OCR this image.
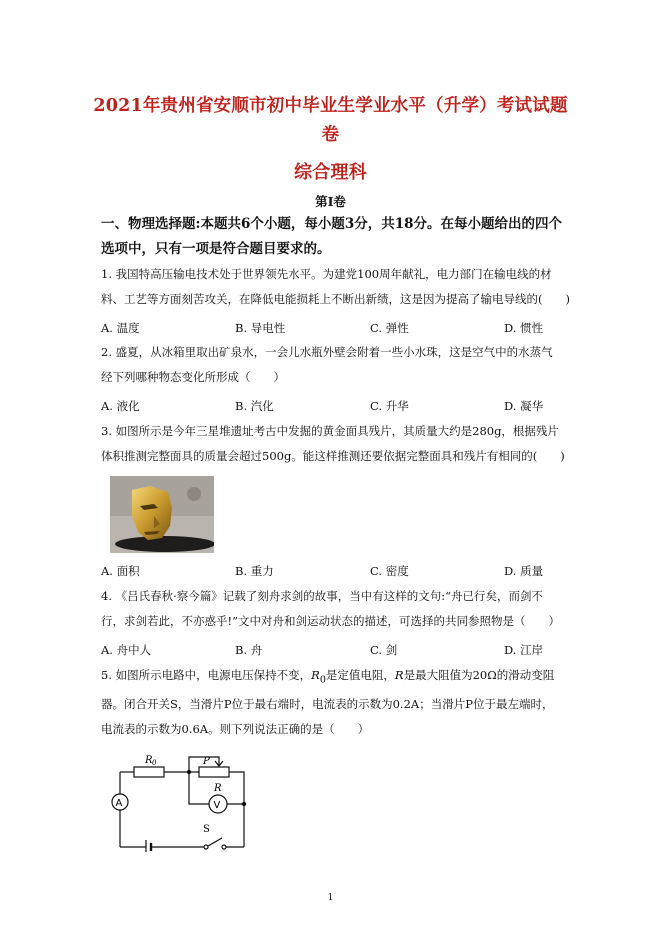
2021年贵州省安顺市初中毕业生学业水平（升学）考试试题
卷
综合理科
第Ⅰ卷
一、物理选择题:本题共6个小题，每小题3分，共18分。在每小题给出的四个
选项中，只有一项是符合题目要求的。
1. 我国特高压输电技术处于世界领先水平。为建党100周年献礼，电力部门在输电线的材
料、工艺等方面刻苦攻关，在降低电能损耗上不断出新绩，这是因为提高了输电导线的(　　)
A. 温度	B. 导电性	C. 弹性	D. 惯性
2. 盛夏，从冰箱里取出矿泉水，一会儿水瓶外壁会附着一些小水珠，这是空气中的水蒸气
经下列哪种物态变化所形成（　　）
A. 液化	B. 汽化	C. 升华	D. 凝华
3. 如图所示是今年三星堆遗址考古中发掘的黄金面具残片，其质量大约是280g，根据残片
体积推测完整面具的质量会超过500g。能这样推测还要依据完整面具和残片有相同的(　　)
A. 面积	B. 重力	C. 密度	D. 质量
4. 《吕氏春秋·察今篇》记载了刻舟求剑的故事，当中有这样的文句:“舟已行矣，而剑不
行，求剑若此，不亦惑乎!”文中对舟和剑运动状态的描述，可选择的共同参照物是（　　）
A. 舟中人	B. 舟	C. 剑	D. 江岸
5. 如图所示电路中，电源电压保持不变，$R_0$是定值电阻，R是最大阻值为20Ω的滑动变阻
器。闭合开关S，当滑片P位于最右端时，电流表的示数为0.2A；当滑片P位于最左端时，
电流表的示数为0.6A。则下列说法正确的是（　　）
R 0	P
R
A	V
S
1
